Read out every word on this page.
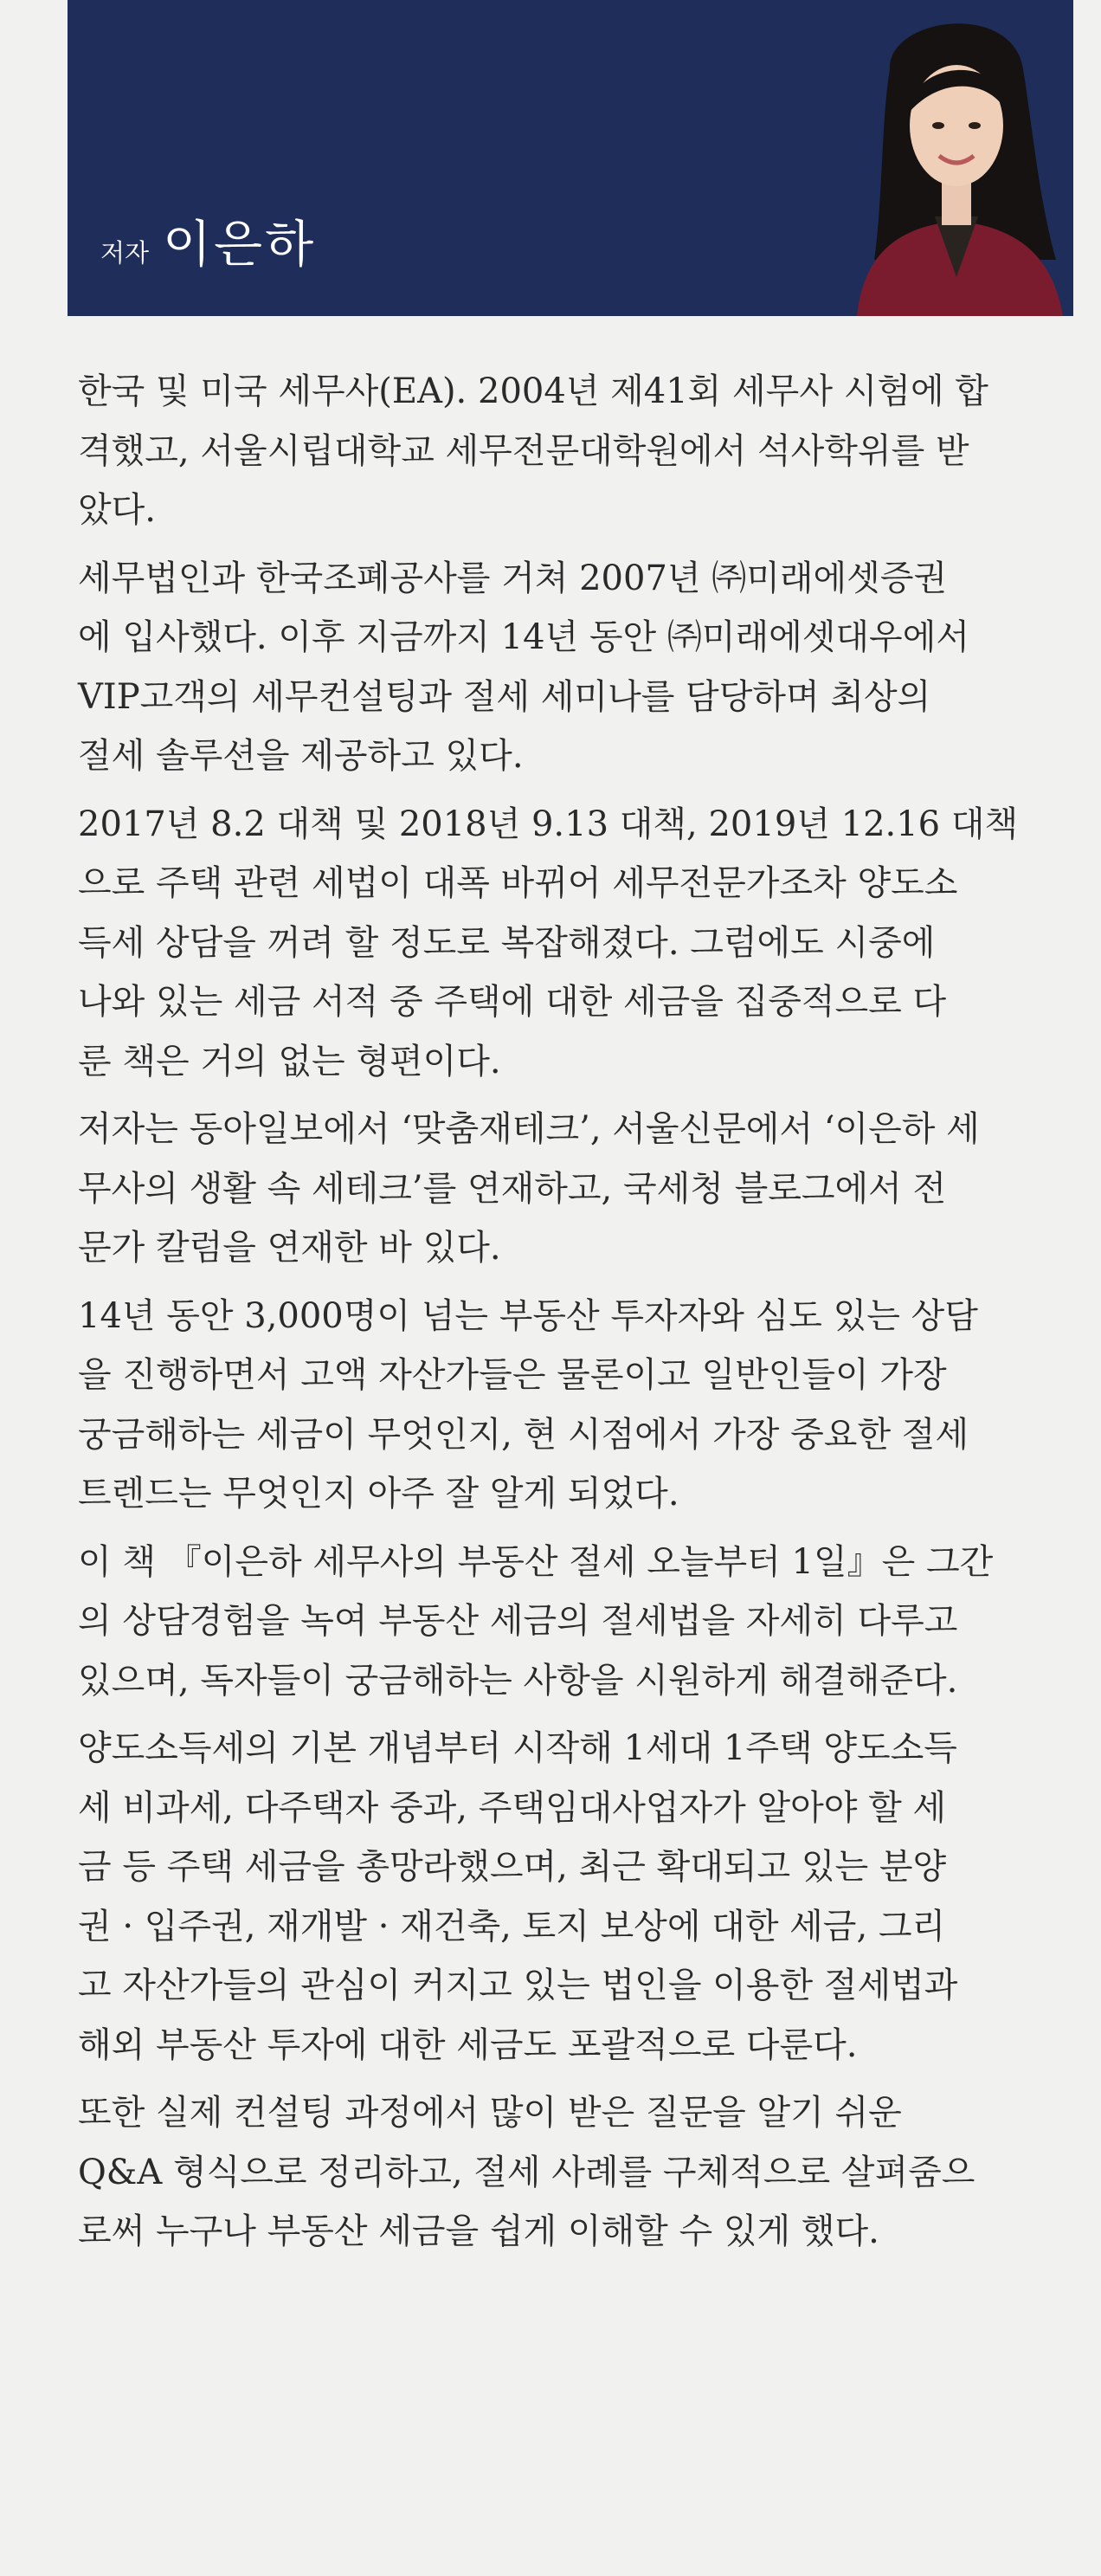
저자 이은하

한국 및 미국 세무사(EA). 2004년 제41회 세무사 시험에 합
격했고, 서울시립대학교 세무전문대학원에서 석사학위를 받
았다.

세무법인과 한국조폐공사를 거쳐 2007년 ㈜미래에셋증권
에 입사했다. 이후 지금까지 14년 동안 ㈜미래에셋대우에서
VIP고객의 세무컨설팅과 절세 세미나를 담당하며 최상의
절세 솔루션을 제공하고 있다.

2017년 8.2 대책 및 2018년 9.13 대책, 2019년 12.16 대책
으로 주택 관련 세법이 대폭 바뀌어 세무전문가조차 양도소
득세 상담을 꺼려 할 정도로 복잡해졌다. 그럼에도 시중에
나와 있는 세금 서적 중 주택에 대한 세금을 집중적으로 다
룬 책은 거의 없는 형편이다.

저자는 동아일보에서 ‘맞춤재테크’, 서울신문에서 ‘이은하 세
무사의 생활 속 세테크’를 연재하고, 국세청 블로그에서 전
문가 칼럼을 연재한 바 있다.

14년 동안 3,000명이 넘는 부동산 투자자와 심도 있는 상담
을 진행하면서 고액 자산가들은 물론이고 일반인들이 가장
궁금해하는 세금이 무엇인지, 현 시점에서 가장 중요한 절세
트렌드는 무엇인지 아주 잘 알게 되었다.

이 책 『이은하 세무사의 부동산 절세 오늘부터 1일』은 그간
의 상담경험을 녹여 부동산 세금의 절세법을 자세히 다루고
있으며, 독자들이 궁금해하는 사항을 시원하게 해결해준다.

양도소득세의 기본 개념부터 시작해 1세대 1주택 양도소득
세 비과세, 다주택자 중과, 주택임대사업자가 알아야 할 세
금 등 주택 세금을 총망라했으며, 최근 확대되고 있는 분양
권 · 입주권, 재개발 · 재건축, 토지 보상에 대한 세금, 그리
고 자산가들의 관심이 커지고 있는 법인을 이용한 절세법과
해외 부동산 투자에 대한 세금도 포괄적으로 다룬다.

또한 실제 컨설팅 과정에서 많이 받은 질문을 알기 쉬운
Q&A 형식으로 정리하고, 절세 사례를 구체적으로 살펴줌으
로써 누구나 부동산 세금을 쉽게 이해할 수 있게 했다.
